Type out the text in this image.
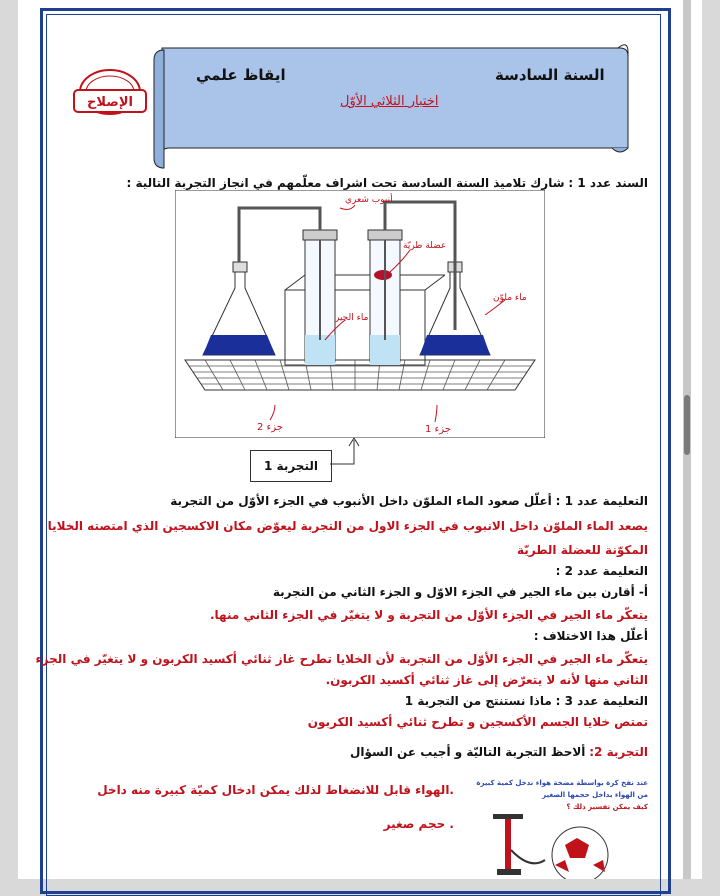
السنة السادسة
ايقاظ علمي
اختبار الثلاثي الأوّل
الإصلاح
السند عدد 1 : شارك تلاميذ السنة السادسة تحت اشراف معلّمهم في انجاز التجربة التالية :
أنبوب شعري
عضلة طريّة
ماء ملوّن
ماء الجير
جزء 2	جزء 1
التجربة 1
التعليمة عدد 1 : أعلّل صعود الماء الملوّن داخل الأنبوب في الجزء الأوّل من التجربة
يصعد الماء الملوّن داخل الانبوب في الجزء الاول من التجربة ليعوّض مكان الاكسجين الذي امتصته الخلايا
المكوّنة للعضلة الطريّة
التعليمة عدد 2 :
أ- أقارن بين ماء الجير في الجزء الاوّل و الجزء الثاني من التجربة
يتعكّر ماء الجير في الجزء الأوّل من التجربة و لا يتغيّر في الجزء الثاني منها.
أعلّل هذا الاختلاف :
يتعكّر ماء الجير في الجزء الأوّل من التجربة لأن الخلايا تطرح غاز ثنائي أكسيد الكربون و لا يتغيّر في الجزء
الثاني منها لأنه لا يتعرّض إلى غاز ثنائي أكسيد الكربون.
التعليمة عدد 3 : ماذا نستنتج من التجربة 1
تمتص خلايا الجسم الأكسجين و تطرح ثنائي أكسيد الكربون
التجربة 2: ألاحظ التجربة التاليّة و أجيب عن السؤال
عند نفخ كرة بواسطة مضخة هواء ندخل كمية كبيرة
من الهواء بداخل حجمها الصغير
كيف يمكن تفسير ذلك ؟
.الهواء قابل للانضغاط لذلك يمكن ادخال كميّة كبيرة منه داخل
. حجم صغير
